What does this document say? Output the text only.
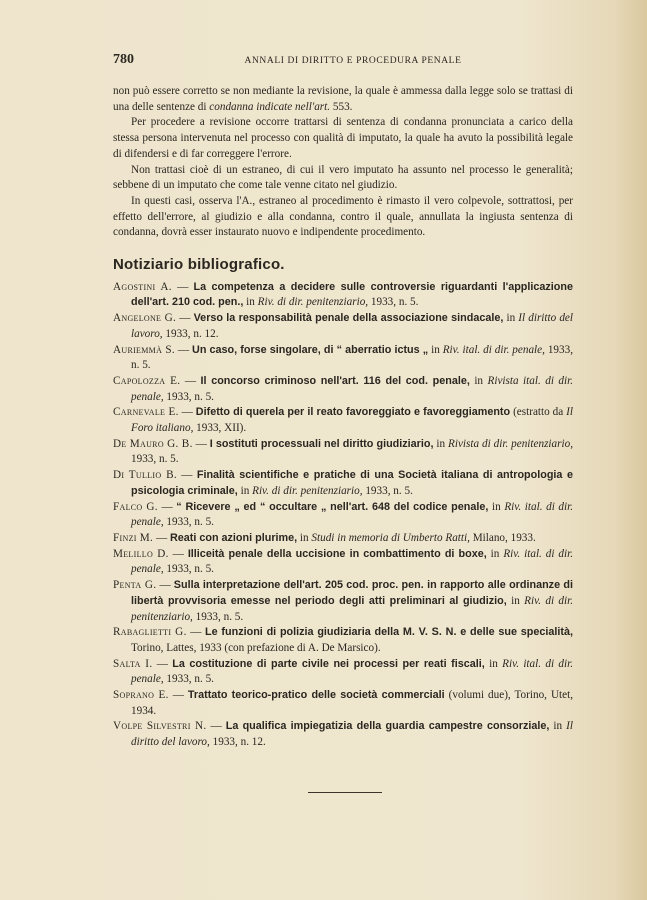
780	ANNALI DI DIRITTO E PROCEDURA PENALE

non può essere corretto se non mediante la revisione, la quale è ammessa dalla legge solo se trattasi di una delle sentenze di condanna indicate nell'art. 553.

Per procedere a revisione occorre trattarsi di sentenza di condanna pronunciata a carico della stessa persona intervenuta nel processo con qualità di imputato, la quale ha avuto la possibilità legale di difendersi e di far correggere l'errore.

Non trattasi cioè di un estraneo, di cui il vero imputato ha assunto nel processo le generalità; sebbene di un imputato che come tale venne citato nel giudizio.

In questi casi, osserva l'A., estraneo al procedimento è rimasto il vero colpevole, sottrattosi, per effetto dell'errore, al giudizio e alla condanna, contro il quale, annullata la ingiusta sentenza di condanna, dovrà esser instaurato nuovo e indipendente procedimento.

Notiziario bibliografico.

Agostini A. — La competenza a decidere sulle controversie riguardanti l'applicazione dell'art. 210 cod. pen., in Riv. di dir. penitenziario, 1933, n. 5.

Angelone G. — Verso la responsabilità penale della associazione sindacale, in Il diritto del lavoro, 1933, n. 12.

Auriemmà S. — Un caso, forse singolare, di “ aberratio ictus „ in Riv. ital. di dir. penale, 1933, n. 5.

Capolozza E. — Il concorso criminoso nell'art. 116 del cod. penale, in Rivista ital. di dir. penale, 1933, n. 5.

Carnevale E. — Difetto di querela per il reato favoreggiato e favoreggiamento (estratto da Il Foro italiano, 1933, XII).

De Mauro G. B. — I sostituti processuali nel diritto giudiziario, in Rivista di dir. penitenziario, 1933, n. 5.

Di Tullio B. — Finalità scientifiche e pratiche di una Società italiana di antropologia e psicologia criminale, in Riv. di dir. penitenziario, 1933, n. 5.

Falco G. — “ Ricevere „ ed “ occultare „ nell'art. 648 del codice penale, in Riv. ital. di dir. penale, 1933, n. 5.

Finzi M. — Reati con azioni plurime, in Studi in memoria di Umberto Ratti, Milano, 1933.

Melillo D. — Illiceità penale della uccisione in combattimento di boxe, in Riv. ital. di dir. penale, 1933, n. 5.

Penta G. — Sulla interpretazione dell'art. 205 cod. proc. pen. in rapporto alle ordinanze di libertà provvisoria emesse nel periodo degli atti preliminari al giudizio, in Riv. di dir. penitenziario, 1933, n. 5.

Rabaglietti G. — Le funzioni di polizia giudiziaria della M. V. S. N. e delle sue specialità, Torino, Lattes, 1933 (con prefazione di A. De Marsico).

Salta I. — La costituzione di parte civile nei processi per reati fiscali, in Riv. ital. di dir. penale, 1933, n. 5.

Soprano E. — Trattato teorico-pratico delle società commerciali (volumi due), Torino, Utet, 1934.

Volpe Silvestri N. — La qualifica impiegatizia della guardia campestre consorziale, in Il diritto del lavoro, 1933, n. 12.
